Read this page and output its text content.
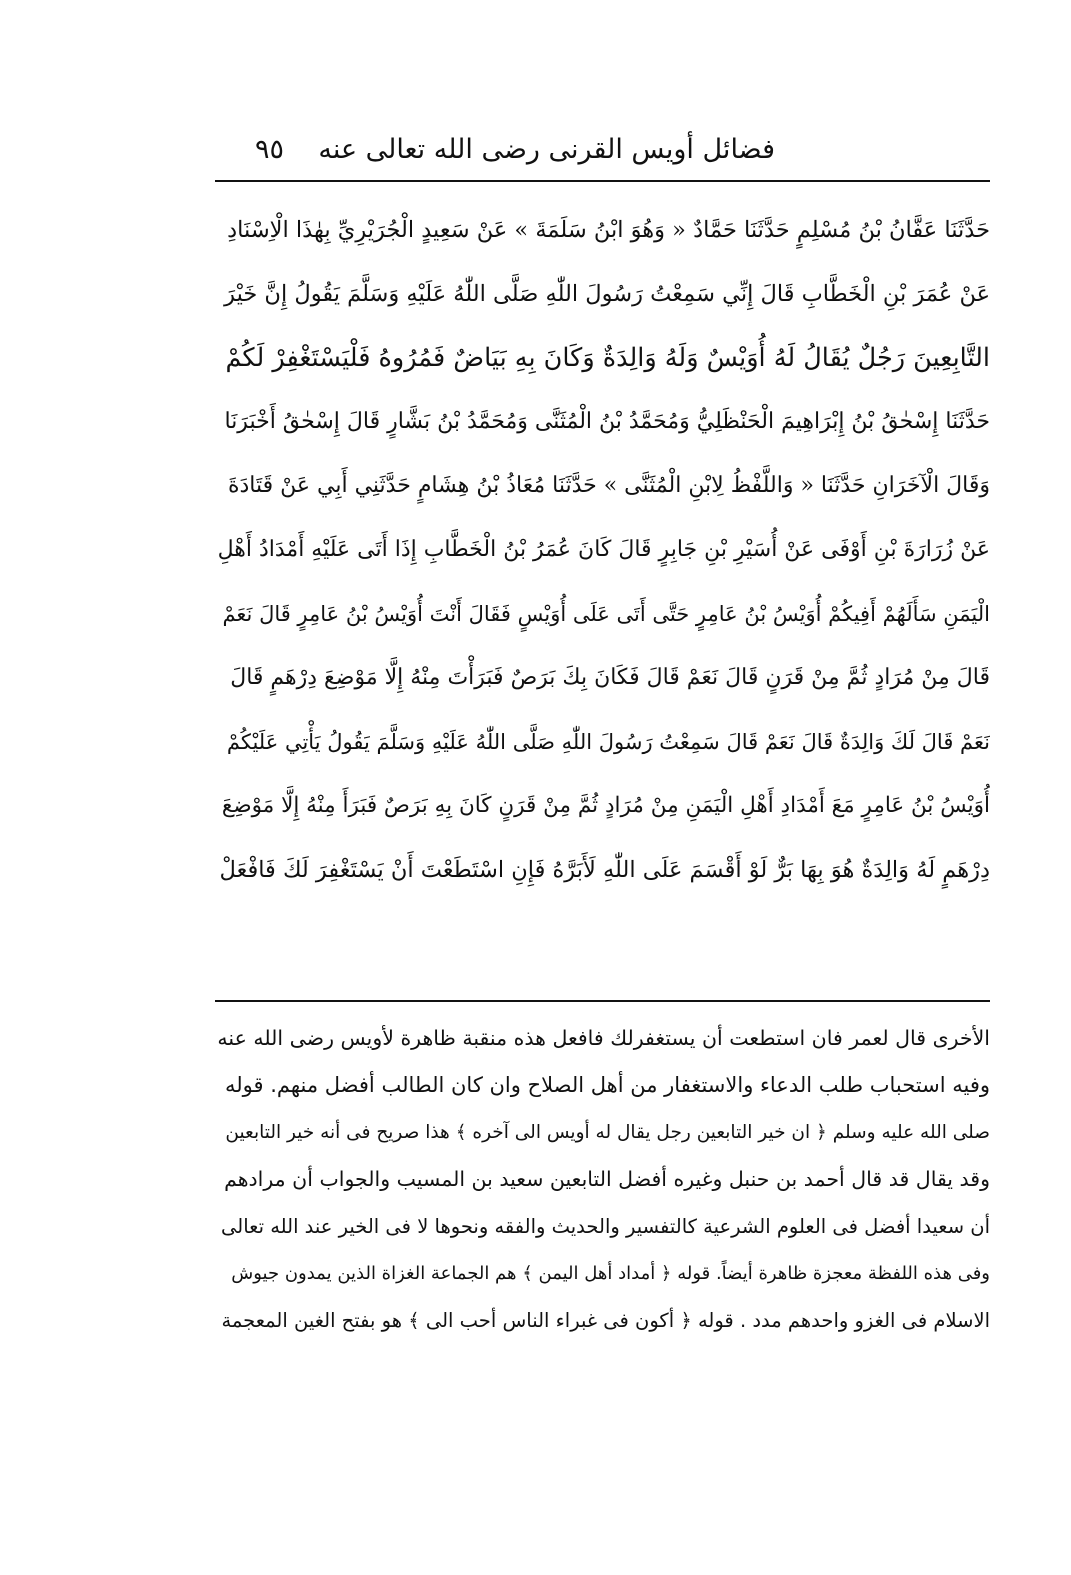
فضائل أويس القرنى رضى الله تعالى عنه
٩٥
حَدَّثَنَا عَفَّانُ بْنُ مُسْلِمٍ حَدَّثَنَا حَمَّادٌ « وَهُوَ ابْنُ سَلَمَةَ » عَنْ سَعِيدٍ الْجُرَيْرِيِّ بِهٰذَا الْاِسْنَادِ
عَنْ عُمَرَ بْنِ الْخَطَّابِ قَالَ إِنِّي سَمِعْتُ رَسُولَ اللّٰهِ صَلَّى اللّٰهُ عَلَيْهِ وَسَلَّمَ يَقُولُ إِنَّ خَيْرَ
التَّابِعِينَ رَجُلٌ يُقَالُ لَهُ أُوَيْسٌ وَلَهُ وَالِدَةٌ وَكَانَ بِهِ بَيَاضٌ فَمُرُوهُ فَلْيَسْتَغْفِرْ لَكُمْ
حَدَّثَنَا إِسْحٰقُ بْنُ إِبْرَاهِيمَ الْحَنْظَلِيُّ وَمُحَمَّدُ بْنُ الْمُثَنَّى وَمُحَمَّدُ بْنُ بَشَّارٍ قَالَ إِسْحٰقُ أَخْبَرَنَا
وَقَالَ الْآخَرَانِ حَدَّثَنَا « وَاللَّفْظُ لِابْنِ الْمُثَنَّى » حَدَّثَنَا مُعَاذُ بْنُ هِشَامٍ حَدَّثَنِي أَبِي عَنْ قَتَادَةَ
عَنْ زُرَارَةَ بْنِ أَوْفَى عَنْ أُسَيْرِ بْنِ جَابِرٍ قَالَ كَانَ عُمَرُ بْنُ الْخَطَّابِ إِذَا أَتَى عَلَيْهِ أَمْدَادُ أَهْلِ
الْيَمَنِ سَأَلَهُمْ أَفِيكُمْ أُوَيْسُ بْنُ عَامِرٍ حَتَّى أَتَى عَلَى أُوَيْسٍ فَقَالَ أَنْتَ أُوَيْسُ بْنُ عَامِرٍ قَالَ نَعَمْ
قَالَ مِنْ مُرَادٍ ثُمَّ مِنْ قَرَنٍ قَالَ نَعَمْ قَالَ فَكَانَ بِكَ بَرَصٌ فَبَرَأْتَ مِنْهُ إِلَّا مَوْضِعَ دِرْهَمٍ قَالَ
نَعَمْ قَالَ لَكَ وَالِدَةٌ قَالَ نَعَمْ قَالَ سَمِعْتُ رَسُولَ اللّٰهِ صَلَّى اللّٰهُ عَلَيْهِ وَسَلَّمَ يَقُولُ يَأْتِي عَلَيْكُمْ
أُوَيْسُ بْنُ عَامِرٍ مَعَ أَمْدَادِ أَهْلِ الْيَمَنِ مِنْ مُرَادٍ ثُمَّ مِنْ قَرَنٍ كَانَ بِهِ بَرَصٌ فَبَرَأَ مِنْهُ إِلَّا مَوْضِعَ
دِرْهَمٍ لَهُ وَالِدَةٌ هُوَ بِهَا بَرٌّ لَوْ أَقْسَمَ عَلَى اللّٰهِ لَأَبَرَّهُ فَإِنِ اسْتَطَعْتَ أَنْ يَسْتَغْفِرَ لَكَ فَافْعَلْ
الأخرى قال لعمر فان استطعت أن يستغفرلك فافعل هذه منقبة ظاهرة لأويس رضى الله عنه
وفيه استحباب طلب الدعاء والاستغفار من أهل الصلاح وان كان الطالب أفضل منهم. قوله
صلى الله عليه وسلم ﴿ ان خير التابعين رجل يقال له أويس الى آخره ﴾ هذا صريح فى أنه خير التابعين
وقد يقال قد قال أحمد بن حنبل وغيره أفضل التابعين سعيد بن المسيب والجواب أن مرادهم
أن سعيدا أفضل فى العلوم الشرعية كالتفسير والحديث والفقه ونحوها لا فى الخير عند الله تعالى
وفى هذه اللفظة معجزة ظاهرة أيضاً. قوله ﴿ أمداد أهل اليمن ﴾ هم الجماعة الغزاة الذين يمدون جيوش
الاسلام فى الغزو واحدهم مدد . قوله ﴿ أكون فى غبراء الناس أحب الى ﴾ هو بفتح الغين المعجمة
